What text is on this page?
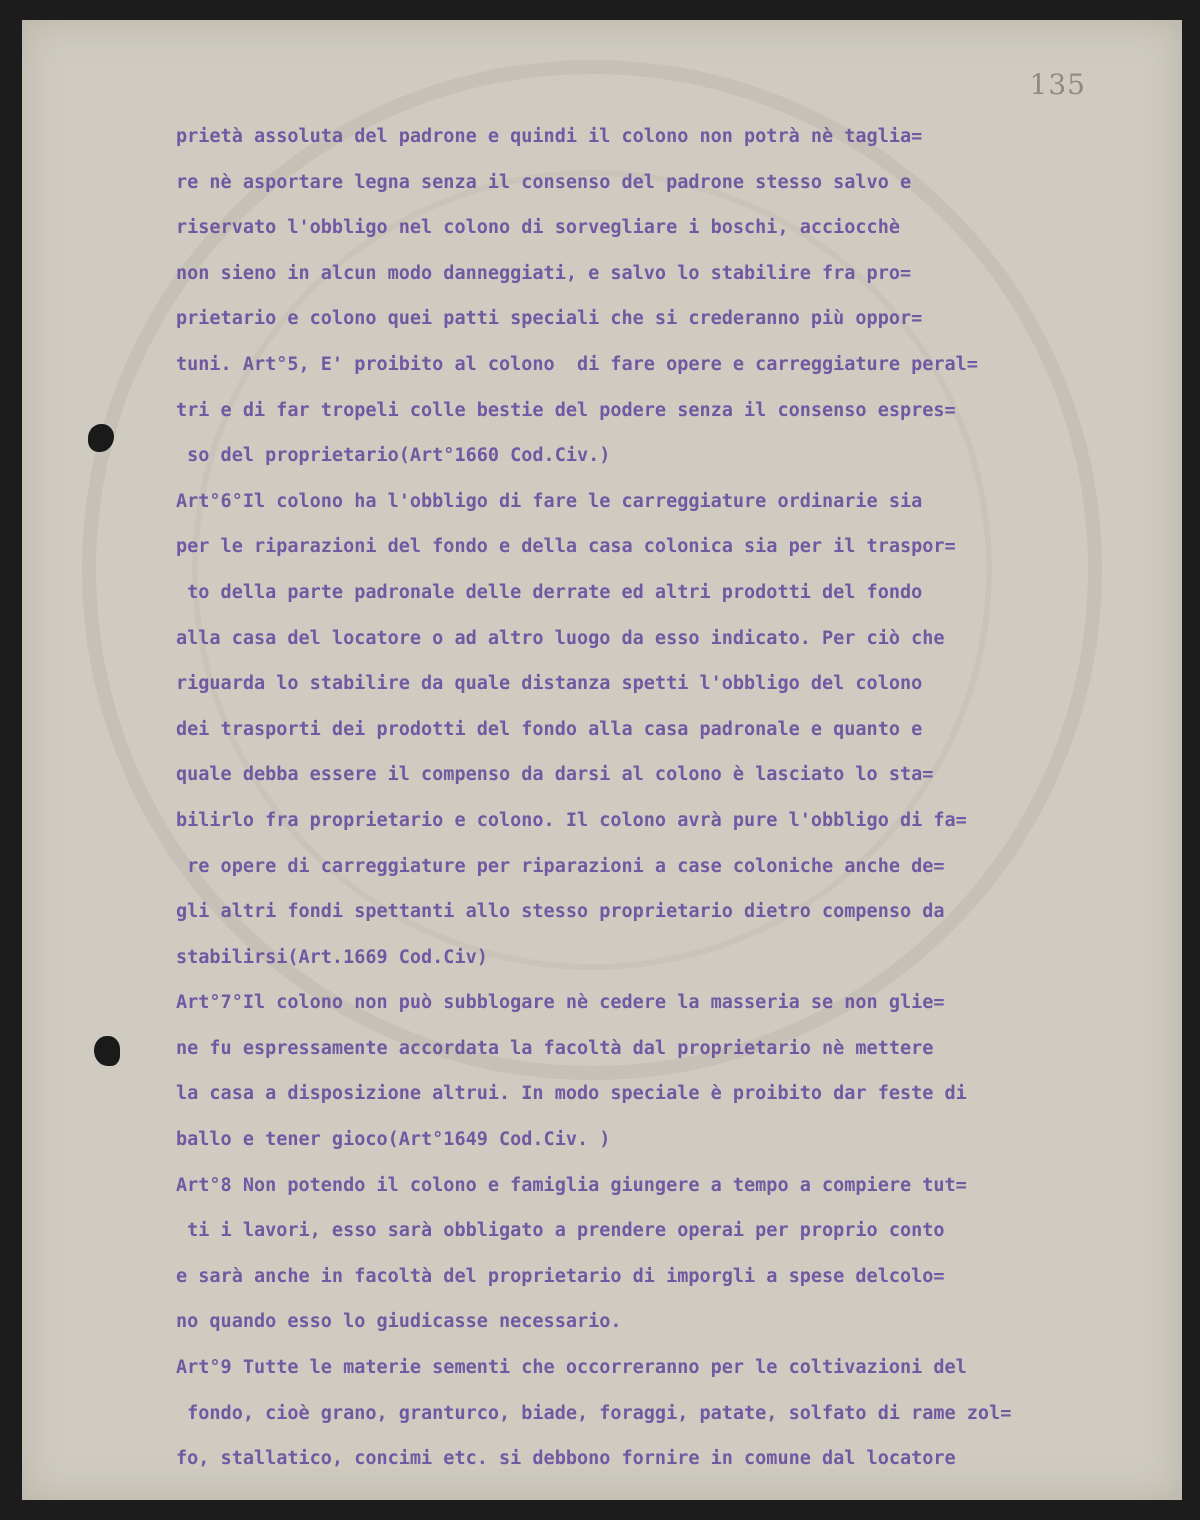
135
prietà assoluta del padrone e quindi il colono non potrà nè taglia=
re nè asportare legna senza il consenso del padrone stesso salvo e
riservato l'obbligo nel colono di sorvegliare i boschi, acciocchè
non sieno in alcun modo danneggiati, e salvo lo stabilire fra pro=
prietario e colono quei patti speciali che si crederanno più oppor=
tuni. Art°5, E' proibito al colono  di fare opere e carreggiature peral=
tri e di far tropeli colle bestie del podere senza il consenso espres=
so del proprietario(Art°1660 Cod.Civ.)
Art°6°Il colono ha l'obbligo di fare le carreggiature ordinarie sia
per le riparazioni del fondo e della casa colonica sia per il traspor=
to della parte padronale delle derrate ed altri prodotti del fondo
alla casa del locatore o ad altro luogo da esso indicato. Per ciò che
riguarda lo stabilire da quale distanza spetti l'obbligo del colono
dei trasporti dei prodotti del fondo alla casa padronale e quanto e
quale debba essere il compenso da darsi al colono è lasciato lo sta=
bilirlo fra proprietario e colono. Il colono avrà pure l'obbligo di fa=
re opere di carreggiature per riparazioni a case coloniche anche de=
gli altri fondi spettanti allo stesso proprietario dietro compenso da
stabilirsi(Art.1669 Cod.Civ)
Art°7°Il colono non può subblogare nè cedere la masseria se non glie=
ne fu espressamente accordata la facoltà dal proprietario nè mettere
la casa a disposizione altrui. In modo speciale è proibito dar feste di
ballo e tener gioco(Art°1649 Cod.Civ. )
Art°8 Non potendo il colono e famiglia giungere a tempo a compiere tut=
ti i lavori, esso sarà obbligato a prendere operai per proprio conto
e sarà anche in facoltà del proprietario di imporgli a spese delcolo=
no quando esso lo giudicasse necessario.
Art°9 Tutte le materie sementi che occorreranno per le coltivazioni del
fondo, cioè grano, granturco, biade, foraggi, patate, solfato di rame zol=
fo, stallatico, concimi etc. si debbono fornire in comune dal locatore
